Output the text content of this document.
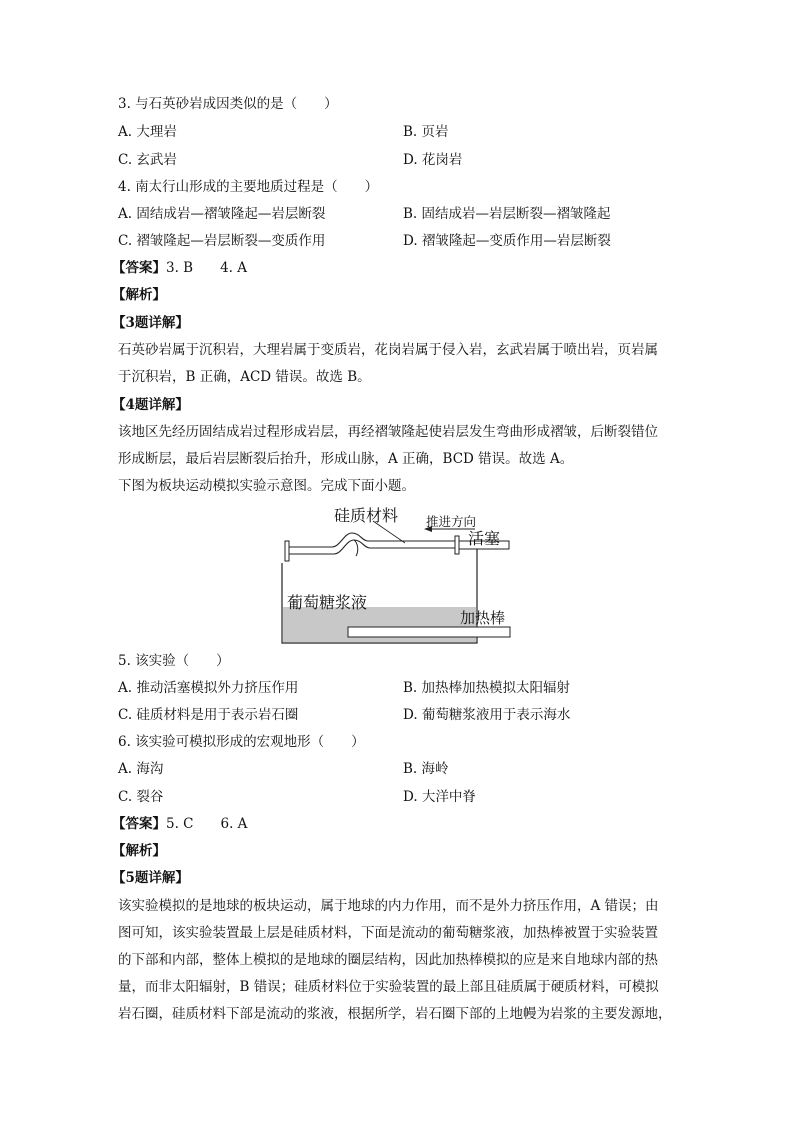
3. 与石英砂岩成因类似的是（　　）
A. 大理岩	B. 页岩
C. 玄武岩	D. 花岗岩
4. 南太行山形成的主要地质过程是（　　）
A. 固结成岩—褶皱隆起—岩层断裂	B. 固结成岩—岩层断裂—褶皱隆起
C. 褶皱隆起—岩层断裂—变质作用	D. 褶皱隆起—变质作用—岩层断裂
【答案】3. B　　4. A
【解析】
【3题详解】
石英砂岩属于沉积岩，大理岩属于变质岩，花岗岩属于侵入岩，玄武岩属于喷出岩，页岩属
于沉积岩，B 正确，ACD 错误。故选 B。
【4题详解】
该地区先经历固结成岩过程形成岩层，再经褶皱隆起使岩层发生弯曲形成褶皱，后断裂错位
形成断层，最后岩层断裂后抬升，形成山脉，A 正确，BCD 错误。故选 A。
下图为板块运动模拟实验示意图。完成下面小题。
硅质材料 推进方向
活塞
葡萄糖浆液
加热棒
5. 该实验（　　）
A. 推动活塞模拟外力挤压作用	B. 加热棒加热模拟太阳辐射
C. 硅质材料是用于表示岩石圈	D. 葡萄糖浆液用于表示海水
6. 该实验可模拟形成的宏观地形（　　）
A. 海沟	B. 海岭
C. 裂谷	D. 大洋中脊
【答案】5. C　　6. A
【解析】
【5题详解】
该实验模拟的是地球的板块运动，属于地球的内力作用，而不是外力挤压作用，A 错误；由
图可知，该实验装置最上层是硅质材料，下面是流动的葡萄糖浆液，加热棒被置于实验装置
的下部和内部，整体上模拟的是地球的圈层结构，因此加热棒模拟的应是来自地球内部的热
量，而非太阳辐射，B 错误；硅质材料位于实验装置的最上部且硅质属于硬质材料，可模拟
岩石圈，硅质材料下部是流动的浆液，根据所学，岩石圈下部的上地幔为岩浆的主要发源地，
